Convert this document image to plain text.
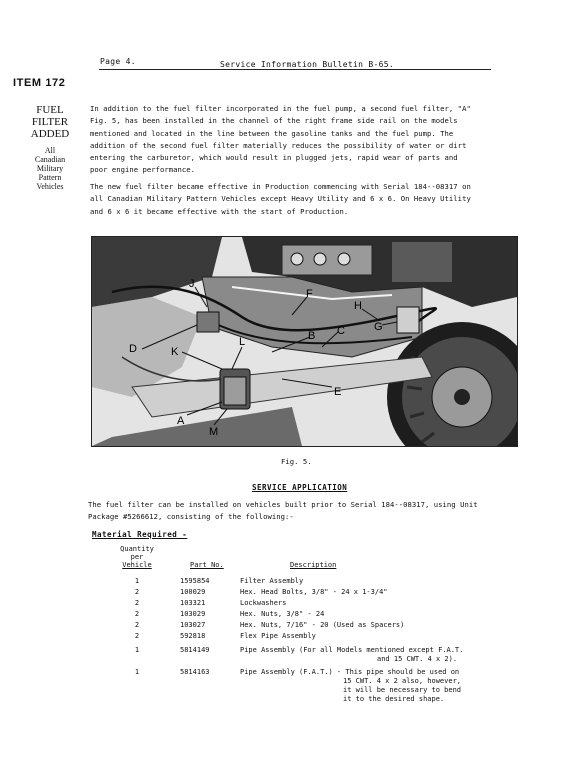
Page 4.	Service Information Bulletin B-65.
ITEM 172
FUEL
FILTER
ADDED
All
Canadian
Military
Pattern
Vehicles
In addition to the fuel filter incorporated in the fuel pump, a second fuel filter, "A"
Fig. 5, has been installed in the channel of the right frame side rail on the models
mentioned and located in the line between the gasoline tanks and the fuel pump. The
addition of the second fuel filter materially reduces the possibility of water or dirt
entering the carburetor, which would result in plugged jets, rapid wear of parts and
poor engine performance.
The new fuel filter became effective in Production commencing with Serial 184--08317 on
all Canadian Military Pattern Vehicles except Heavy Utility and 6 x 6. On Heavy Utility
and 6 x 6 it became effective with the start of Production.
J
F
H
G
D	K
L	B C
E
A
M
Fig. 5.
SERVICE APPLICATION
The fuel filter can be installed on vehicles built prior to Serial 184--08317, using Unit
Package #5266612, consisting of the following:-
Material Required -
Quantity
per
Vehicle	Part No.	Description
1	1595854	Filter Assembly
2	100029	Hex. Head Bolts, 3/8" - 24 x 1-3/4"
2	103321	Lockwashers
2	103029	Hex. Nuts, 3/8" - 24
2	103027	Hex. Nuts, 7/16" - 20 (Used as Spacers)
2	592818	Flex Pipe Assembly
1	5814149	Pipe Assembly (For all Models mentioned except F.A.T.
and 15 CWT. 4 x 2).
1	5814163	Pipe Assembly (F.A.T.) - This pipe should be used on
15 CWT. 4 x 2 also, however,
it will be necessary to bend
it to the desired shape.
